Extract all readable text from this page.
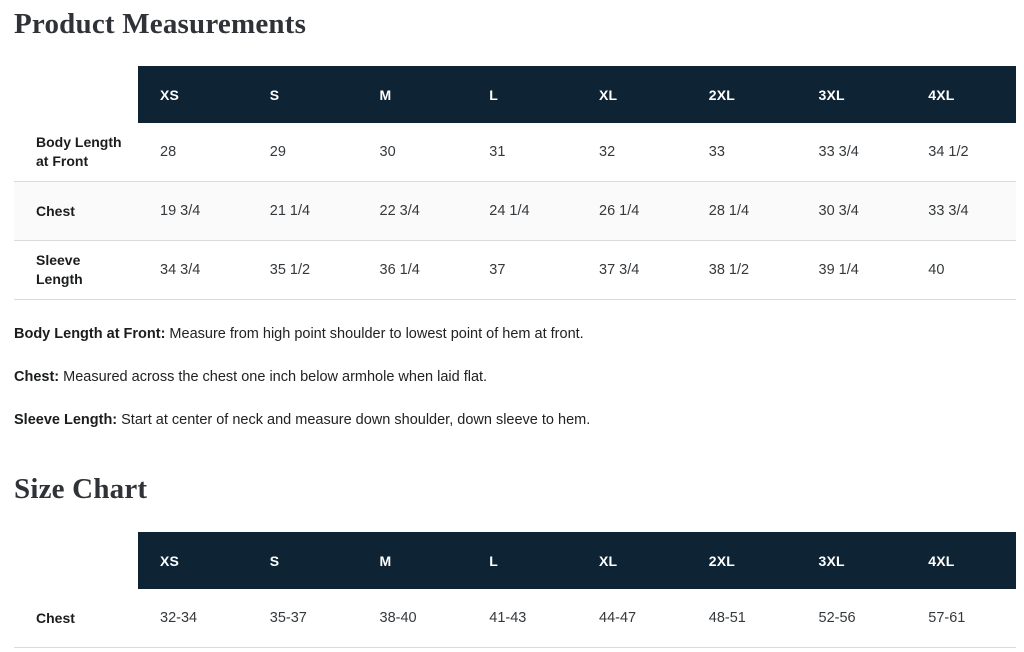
Product Measurements
	XS	S	M	L	XL	2XL	3XL	4XL
Body Length at Front	28	29	30	31	32	33	33 3/4	34 1/2
Chest	19 3/4	21 1/4	22 3/4	24 1/4	26 1/4	28 1/4	30 3/4	33 3/4
Sleeve Length	34 3/4	35 1/2	36 1/4	37	37 3/4	38 1/2	39 1/4	40

Body Length at Front: Measure from high point shoulder to lowest point of hem at front.

Chest: Measured across the chest one inch below armhole when laid flat.

Sleeve Length: Start at center of neck and measure down shoulder, down sleeve to hem.

Size Chart
	XS	S	M	L	XL	2XL	3XL	4XL
Chest	32-34	35-37	38-40	41-43	44-47	48-51	52-56	57-61
